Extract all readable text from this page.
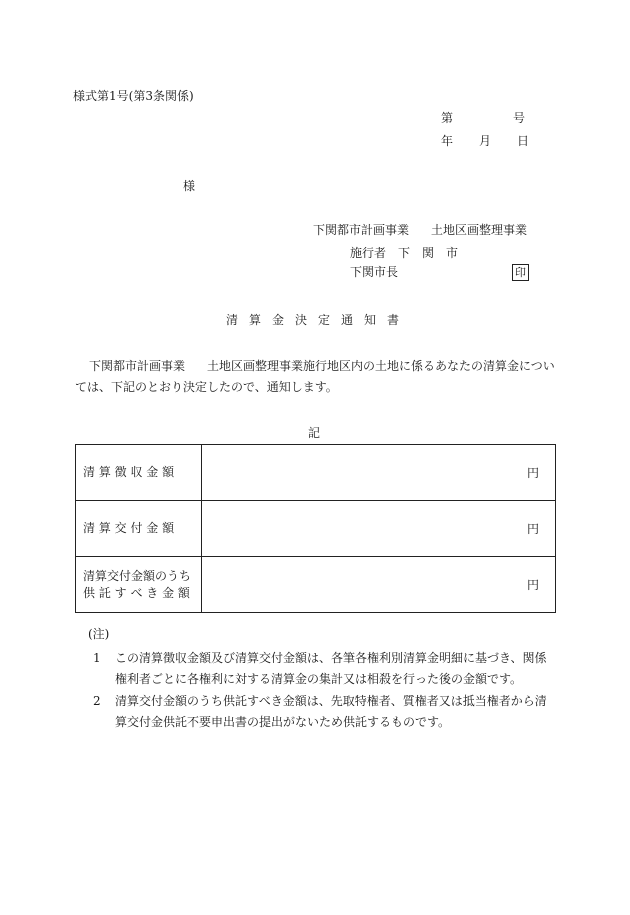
様式第1号(第3条関係)
第	号
年 月 日
様
下関都市計画事業 土地区画整理事業
施行者 下 関 市
下関市長	印
清算金決定通知書
下関都市計画事業 土地区画整理事業施行地区内の土地に係るあなたの清算金については、下記のとおり決定したので、通知します。
記
清 算 徴 収 金 額	円
清 算 交 付 金 額	円

清算交付金額のうち
供 託 す べ き 金 額	円
(注)
1	この清算徴収金額及び清算交付金額は、各筆各権利別清算金明細に基づき、関係権利者ごとに各権利に対する清算金の集計又は相殺を行った後の金額です。
2	清算交付金額のうち供託すべき金額は、先取特権者、質権者又は抵当権者から清算交付金供託不要申出書の提出がないため供託するものです。
